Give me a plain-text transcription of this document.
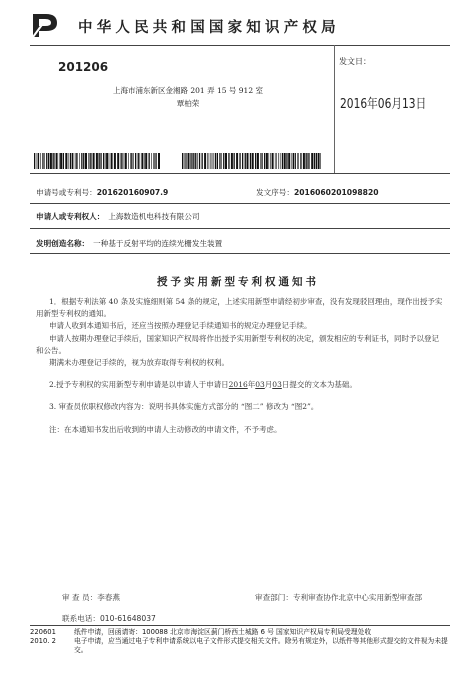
中华人民共和国国家知识产权局
201206
上海市浦东新区金湘路 201 弄 15 号 912 室
覃柏荣
发文日：
2016年06月13日
申请号或专利号：201620160907.9	发文序号：2016060201098820
申请人或专利权人： 上海数造机电科技有限公司
发明创造名称： 一种基于反射平均的连续光栅发生装置
授予实用新型专利权通知书

1．根据专利法第 40 条及实施细则第 54 条的规定，上述实用新型申请经初步审查，没有发现驳回理由，现作出授予实用新型专利权的通知。

申请人收到本通知书后，还应当按照办理登记手续通知书的规定办理登记手续。

申请人按期办理登记手续后，国家知识产权局将作出授予实用新型专利权的决定，颁发相应的专利证书，同时予以登记和公告。

期满未办理登记手续的，视为放弃取得专利权的权利。

2.授予专利权的实用新型专利申请是以申请人于申请日2016年03月03日提交的文本为基础。

3. 审查员依职权修改内容为：说明书具体实施方式部分的 “图二” 修改为 “图2”。

注：在本通知书发出后收到的申请人主动修改的申请文件，不予考虑。

审 查 员：李春燕	审查部门：专利审查协作北京中心实用新型审查部
联系电话：010-61648037
220601	纸件申请，回函请寄：100088 北京市海淀区蓟门桥西土城路 6 号 国家知识产权局专利局受理处收
2010. 2	电子申请，应当通过电子专利申请系统以电子文件形式提交相关文件。除另有规定外，以纸件等其他形式提交的文件视为未提交。
